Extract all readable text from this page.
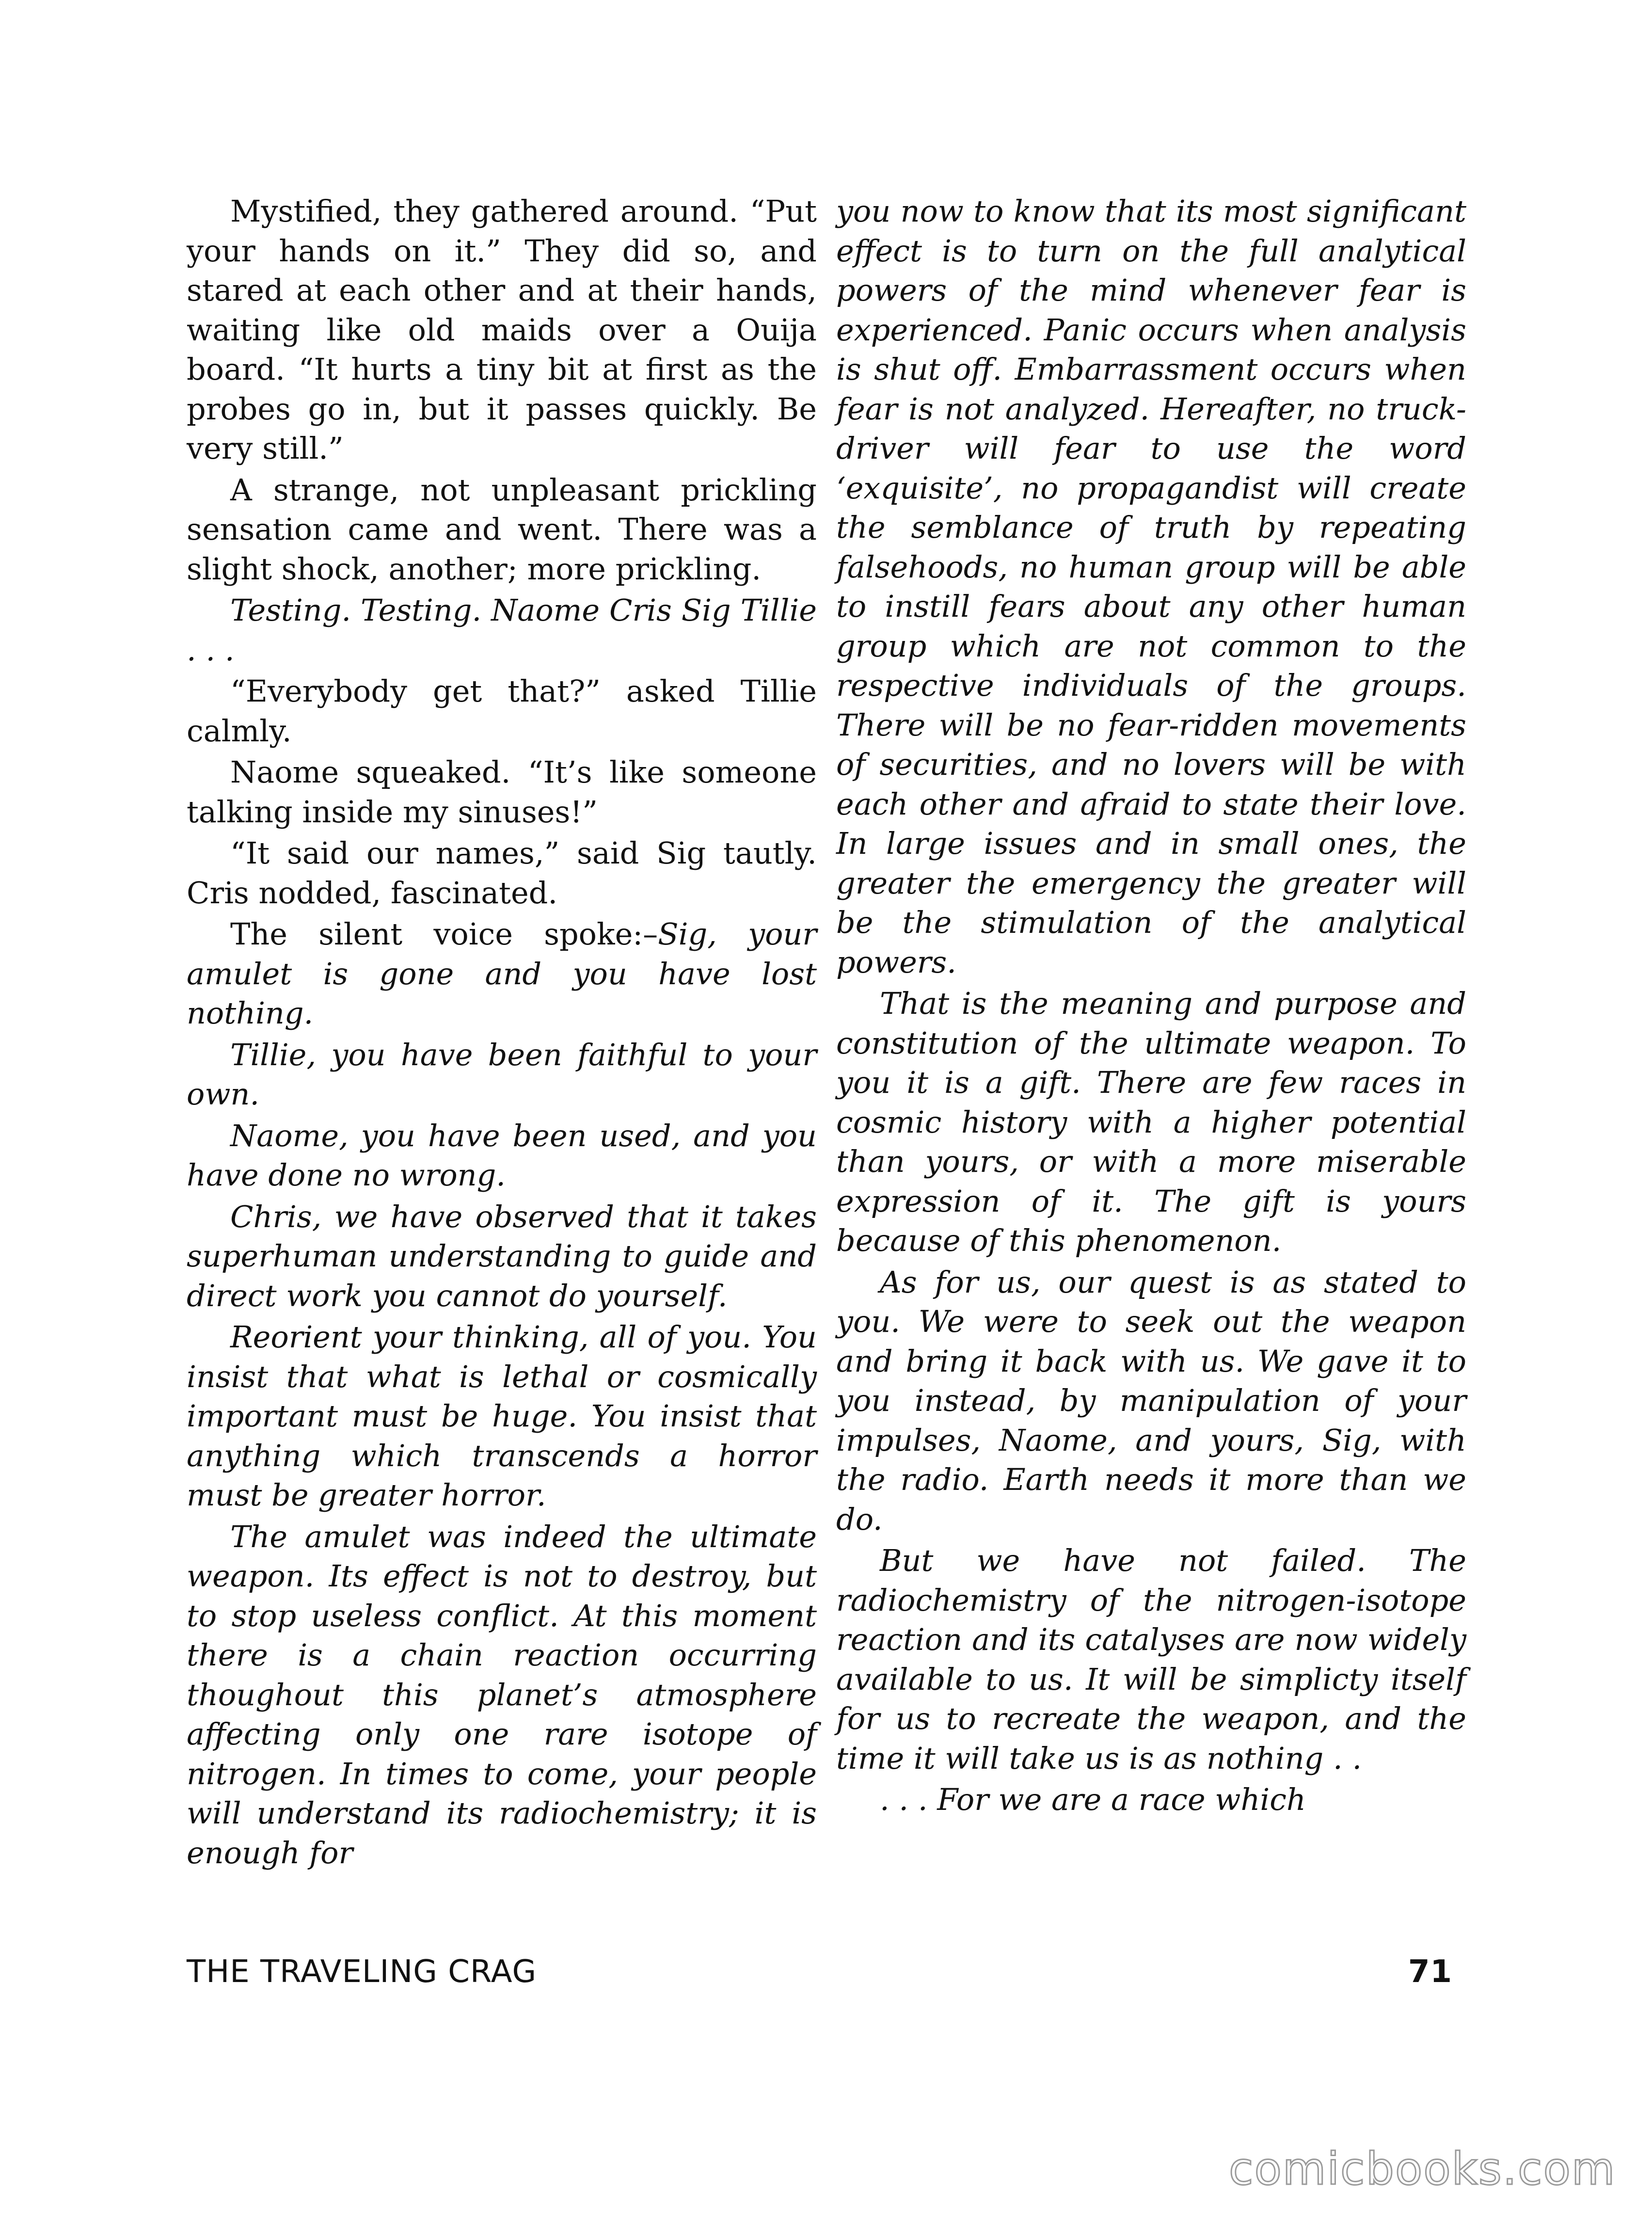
Mystified, they gathered around. “Put your hands on it.” They did so, and stared at each other and at their hands, waiting like old maids over a Ouija board. “It hurts a tiny bit at first as the probes go in, but it passes quickly. Be very still.”

A strange, not unpleasant prickling sensation came and went. There was a slight shock, another; more prickling.

Testing. Testing. Naome Cris Sig Tillie . . .

“Everybody get that?” asked Tillie calmly.

Naome squeaked. “It’s like someone talking inside my sinuses!”

“It said our names,” said Sig tautly. Cris nodded, fascinated.

The silent voice spoke:–Sig, your amulet is gone and you have lost nothing.

Tillie, you have been faithful to your own.

Naome, you have been used, and you have done no wrong.

Chris, we have observed that it takes superhuman understanding to guide and direct work you cannot do yourself.

Reorient your thinking, all of you. You insist that what is lethal or cosmically important must be huge. You insist that anything which transcends a horror must be greater horror.

The amulet was indeed the ultimate weapon. Its effect is not to destroy, but to stop useless conflict. At this moment there is a chain reaction occurring thoughout this planet’s atmosphere affecting only one rare isotope of nitrogen. In times to come, your people will understand its radiochemistry; it is enough for

you now to know that its most significant effect is to turn on the full analytical powers of the mind whenever fear is experienced. Panic occurs when analysis is shut off. Embarrassment occurs when fear is not analyzed. Hereafter, no truck-driver will fear to use the word ‘exquisite’, no propagandist will create the semblance of truth by repeating falsehoods, no human group will be able to instill fears about any other human group which are not common to the respective individuals of the groups. There will be no fear-ridden movements of securities, and no lovers will be with each other and afraid to state their love. In large issues and in small ones, the greater the emergency the greater will be the stimulation of the analytical powers.

That is the meaning and purpose and constitution of the ultimate weapon. To you it is a gift. There are few races in cosmic history with a higher potential than yours, or with a more miserable expression of it. The gift is yours because of this phenomenon.

As for us, our quest is as stated to you. We were to seek out the weapon and bring it back with us. We gave it to you instead, by manipulation of your impulses, Naome, and yours, Sig, with the radio. Earth needs it more than we do.

But we have not failed. The radiochemistry of the nitrogen-isotope reaction and its catalyses are now widely available to us. It will be simplicty itself for us to recreate the weapon, and the time it will take us is as nothing . .

. . . For we are a race which

THE TRAVELING CRAG	71
comicbooks.com
